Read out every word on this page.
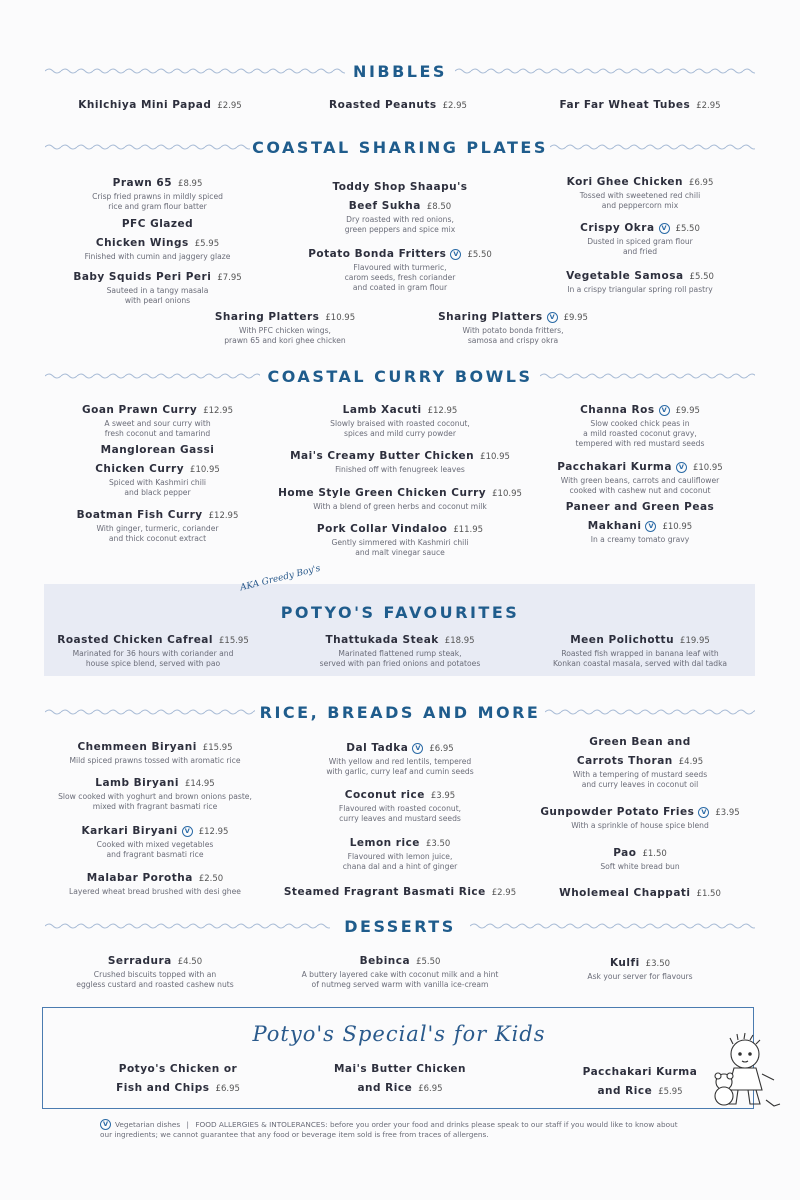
NIBBLES
Khilchiya Mini Papad £2.95	Roasted Peanuts £2.95	Far Far Wheat Tubes £2.95
COASTAL SHARING PLATES
Prawn 65 £8.95
Crisp fried prawns in mildly spiced
rice and gram flour batter
PFC Glazed
Chicken Wings £5.95
Finished with cumin and jaggery glaze
Baby Squids Peri Peri £7.95
Sauteed in a tangy masala
with pearl onions
Toddy Shop Shaapu's
Beef Sukha £8.50
Dry roasted with red onions,
green peppers and spice mix
Potato Bonda Fritters V £5.50
Flavoured with turmeric,
carom seeds, fresh coriander
and coated in gram flour
Kori Ghee Chicken £6.95
Tossed with sweetened red chili
and peppercorn mix
Crispy Okra V £5.50
Dusted in spiced gram flour
and fried
Vegetable Samosa £5.50
In a crispy triangular spring roll pastry
Sharing Platters £10.95
With PFC chicken wings,
prawn 65 and kori ghee chicken
Sharing Platters V £9.95
With potato bonda fritters,
samosa and crispy okra
COASTAL CURRY BOWLS
Goan Prawn Curry £12.95
A sweet and sour curry with
fresh coconut and tamarind
Manglorean Gassi
Chicken Curry £10.95
Spiced with Kashmiri chili
and black pepper
Boatman Fish Curry £12.95
With ginger, turmeric, coriander
and thick coconut extract
Lamb Xacuti £12.95
Slowly braised with roasted coconut,
spices and mild curry powder
Mai's Creamy Butter Chicken £10.95
Finished off with fenugreek leaves
Home Style Green Chicken Curry £10.95
With a blend of green herbs and coconut milk
Pork Collar Vindaloo £11.95
Gently simmered with Kashmiri chili
and malt vinegar sauce
Channa Ros V £9.95
Slow cooked chick peas in
a mild roasted coconut gravy,
tempered with red mustard seeds
Pacchakari Kurma V £10.95
With green beans, carrots and cauliflower
cooked with cashew nut and coconut
Paneer and Green Peas
Makhani V £10.95
In a creamy tomato gravy
AKA Greedy Boy's
POTYO'S FAVOURITES
Roasted Chicken Cafreal £15.95
Marinated for 36 hours with coriander and
house spice blend, served with pao
Thattukada Steak £18.95
Marinated flattened rump steak,
served with pan fried onions and potatoes
Meen Polichottu £19.95
Roasted fish wrapped in banana leaf with
Konkan coastal masala, served with dal tadka
RICE, BREADS AND MORE
Chemmeen Biryani £15.95
Mild spiced prawns tossed with aromatic rice
Lamb Biryani £14.95
Slow cooked with yoghurt and brown onions paste,
mixed with fragrant basmati rice
Karkari Biryani V £12.95
Cooked with mixed vegetables
and fragrant basmati rice
Malabar Porotha £2.50
Layered wheat bread brushed with desi ghee
Dal Tadka V £6.95
With yellow and red lentils, tempered
with garlic, curry leaf and cumin seeds
Coconut rice £3.95
Flavoured with roasted coconut,
curry leaves and mustard seeds
Lemon rice £3.50
Flavoured with lemon juice,
chana dal and a hint of ginger
Steamed Fragrant Basmati Rice £2.95
Green Bean and
Carrots Thoran £4.95
With a tempering of mustard seeds
and curry leaves in coconut oil
Gunpowder Potato Fries V £3.95
With a sprinkle of house spice blend
Pao £1.50
Soft white bread bun
Wholemeal Chappati £1.50
DESSERTS
Serradura £4.50
Crushed biscuits topped with an
eggless custard and roasted cashew nuts
Bebinca £5.50
A buttery layered cake with coconut milk and a hint
of nutmeg served warm with vanilla ice-cream
Kulfi £3.50
Ask your server for flavours
Potyo's Special's for Kids
Potyo's Chicken or
Fish and Chips £6.95
Mai's Butter Chicken
and Rice £6.95
Pacchakari Kurma
and Rice £5.95
V Vegetarian dishes | FOOD ALLERGIES & INTOLERANCES: before you order your food and drinks please speak to our staff if you would like to know about
our ingredients; we cannot guarantee that any food or beverage item sold is free from traces of allergens.
